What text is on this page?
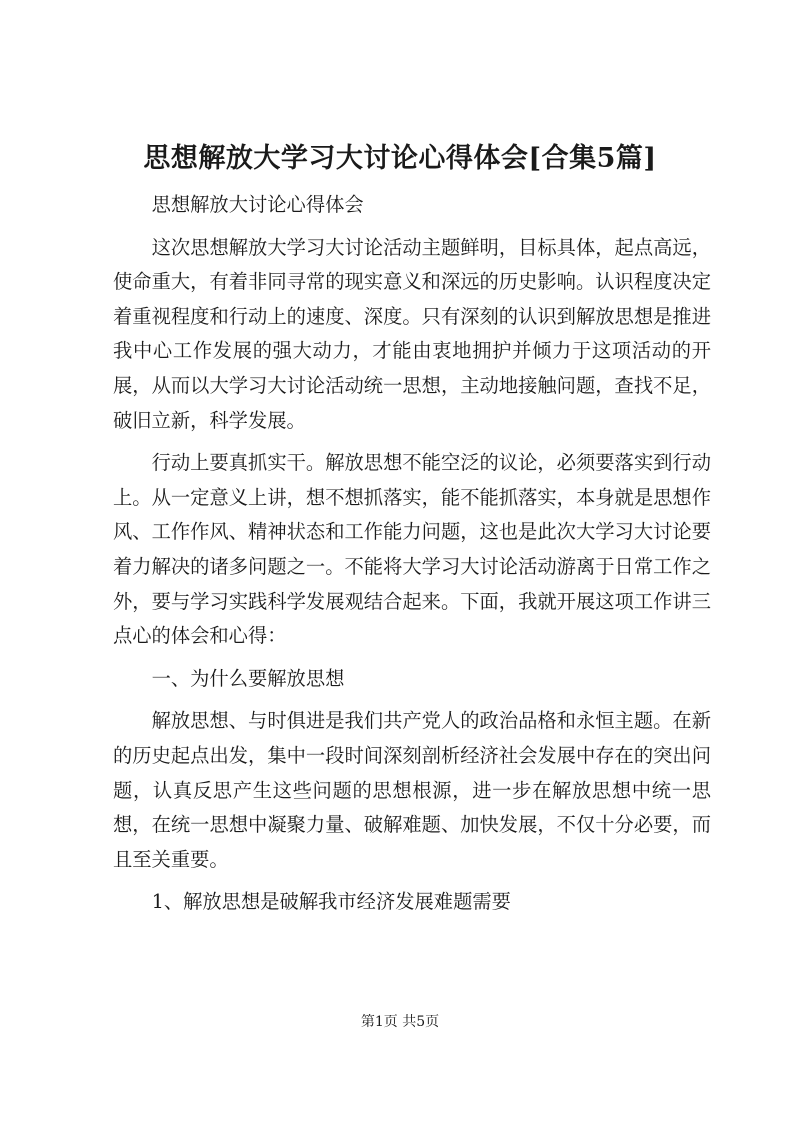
思想解放大学习大讨论心得体会[合集5篇]

思想解放大讨论心得体会

这次思想解放大学习大讨论活动主题鲜明，目标具体，起点高远，使命重大，有着非同寻常的现实意义和深远的历史影响。认识程度决定着重视程度和行动上的速度、深度。只有深刻的认识到解放思想是推进我中心工作发展的强大动力，才能由衷地拥护并倾力于这项活动的开展，从而以大学习大讨论活动统一思想，主动地接触问题，查找不足，破旧立新，科学发展。

行动上要真抓实干。解放思想不能空泛的议论，必须要落实到行动上。从一定意义上讲，想不想抓落实，能不能抓落实，本身就是思想作风、工作作风、精神状态和工作能力问题，这也是此次大学习大讨论要着力解决的诸多问题之一。不能将大学习大讨论活动游离于日常工作之外，要与学习实践科学发展观结合起来。下面，我就开展这项工作讲三点心的体会和心得：

一、为什么要解放思想

解放思想、与时俱进是我们共产党人的政治品格和永恒主题。在新的历史起点出发，集中一段时间深刻剖析经济社会发展中存在的突出问题，认真反思产生这些问题的思想根源，进一步在解放思想中统一思想，在统一思想中凝聚力量、破解难题、加快发展，不仅十分必要，而且至关重要。

1、解放思想是破解我市经济发展难题需要

第1页 共5页
